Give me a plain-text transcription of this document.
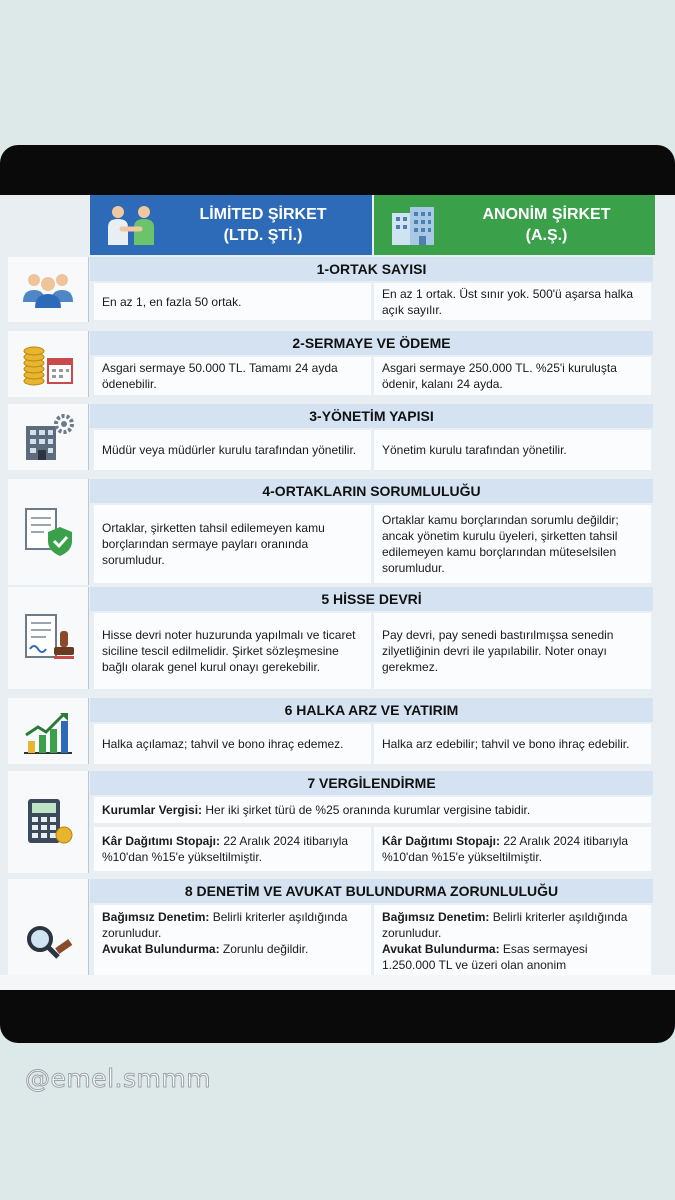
LİMİTED ŞİRKET
(LTD. ŞTİ.)
ANONİM ŞİRKET
(A.Ş.)
1-ORTAK SAYISI
En az 1, en fazla 50 ortak.
En az 1 ortak. Üst sınır yok. 500'ü aşarsa halka açık sayılır.
2-SERMAYE VE ÖDEME
Asgari sermaye 50.000 TL. Tamamı 24 ayda ödenebilir.
Asgari sermaye 250.000 TL. %25'i kuruluşta ödenir, kalanı 24 ayda.
3-YÖNETİM YAPISI
Müdür veya müdürler kurulu tarafından yönetilir.	Yönetim kurulu tarafından yönetilir.
4-ORTAKLARIN SORUMLULUĞU
Ortaklar, şirketten tahsil edilemeyen kamu borçlarından sermaye payları oranında sorumludur.
Ortaklar kamu borçlarından sorumlu değildir; ancak yönetim kurulu üyeleri, şirketten tahsil edilemeyen kamu borçlarından müteselsilen sorumludur.
5 HİSSE DEVRİ
Hisse devri noter huzurunda yapılmalı ve ticaret siciline tescil edilmelidir. Şirket sözleşmesine bağlı olarak genel kurul onayı gerekebilir.
Pay devri, pay senedi bastırılmışsa senedin zilyetliğinin devri ile yapılabilir. Noter onayı gerekmez.
6 HALKA ARZ VE YATIRIM
Halka açılamaz; tahvil ve bono ihraç edemez.	Halka arz edebilir; tahvil ve bono ihraç edebilir.
7 VERGİLENDİRME
Kurumlar Vergisi: Her iki şirket türü de %25 oranında kurumlar vergisine tabidir.
Kâr Dağıtımı Stopajı: 22 Aralık 2024 itibarıyla %10'dan %15'e yükseltilmiştir.
Kâr Dağıtımı Stopajı: 22 Aralık 2024 itibarıyla %10'dan %15'e yükseltilmiştir.
8 DENETİM VE AVUKAT BULUNDURMA ZORUNLULUĞU
Bağımsız Denetim: Belirli kriterler aşıldığında zorunludur.
Avukat Bulundurma: Zorunlu değildir.
Bağımsız Denetim: Belirli kriterler aşıldığında zorunludur.
Avukat Bulundurma: Esas sermayesi 1.250.000 TL ve üzeri olan anonim
@emel.smmm
